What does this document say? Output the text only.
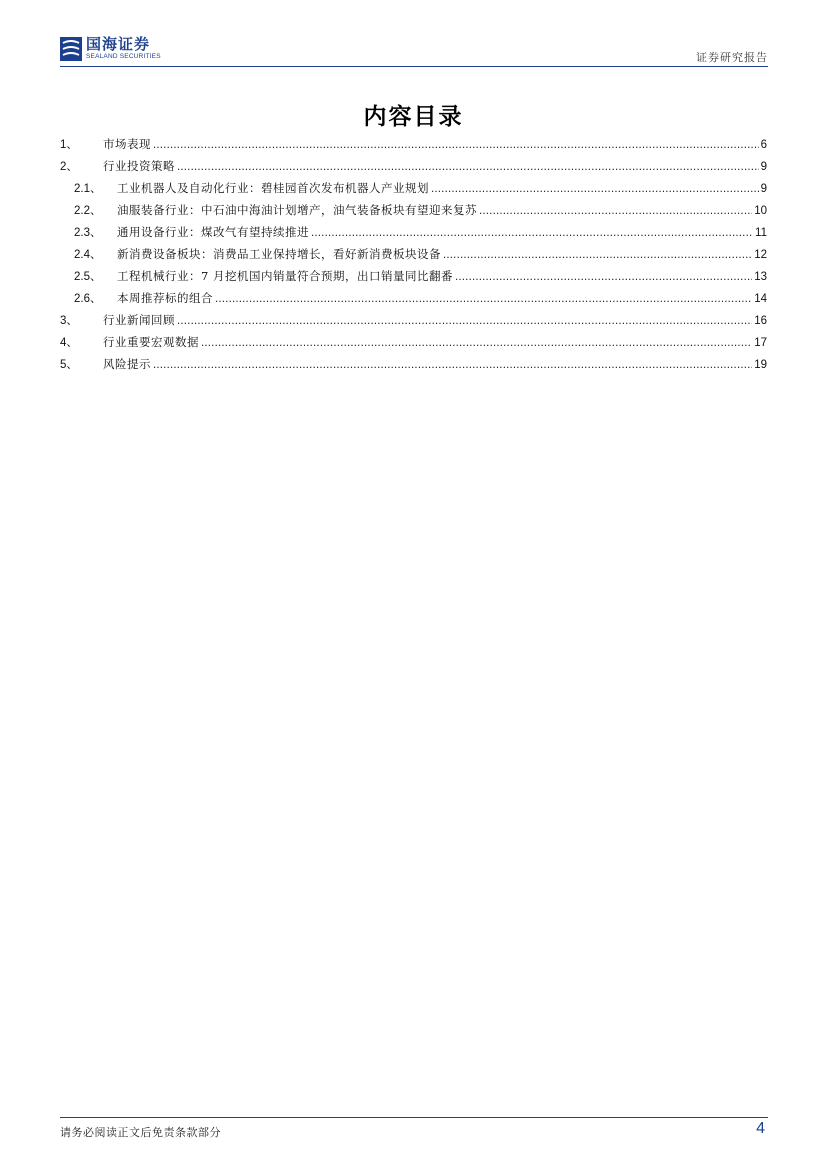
国海证券
SEALAND SECURITIES	证券研究报告
内容目录
1、	市场表现 .....	6
2、	行业投资策略 .....	9
2.1、	工业机器人及自动化行业：碧桂园首次发布机器人产业规划 .....	9
2.2、	油服装备行业：中石油中海油计划增产，油气装备板块有望迎来复苏 .....	10
2.3、	通用设备行业：煤改气有望持续推进 .....	11
2.4、	新消费设备板块：消费品工业保持增长，看好新消费板块设备 .....	12
2.5、	工程机械行业：7 月挖机国内销量符合预期，出口销量同比翻番 .....	13
2.6、	本周推荐标的组合 .....	14
3、	行业新闻回顾 .....	16
4、	行业重要宏观数据 .....	17
5、	风险提示 .....	19
请务必阅读正文后免责条款部分	4
